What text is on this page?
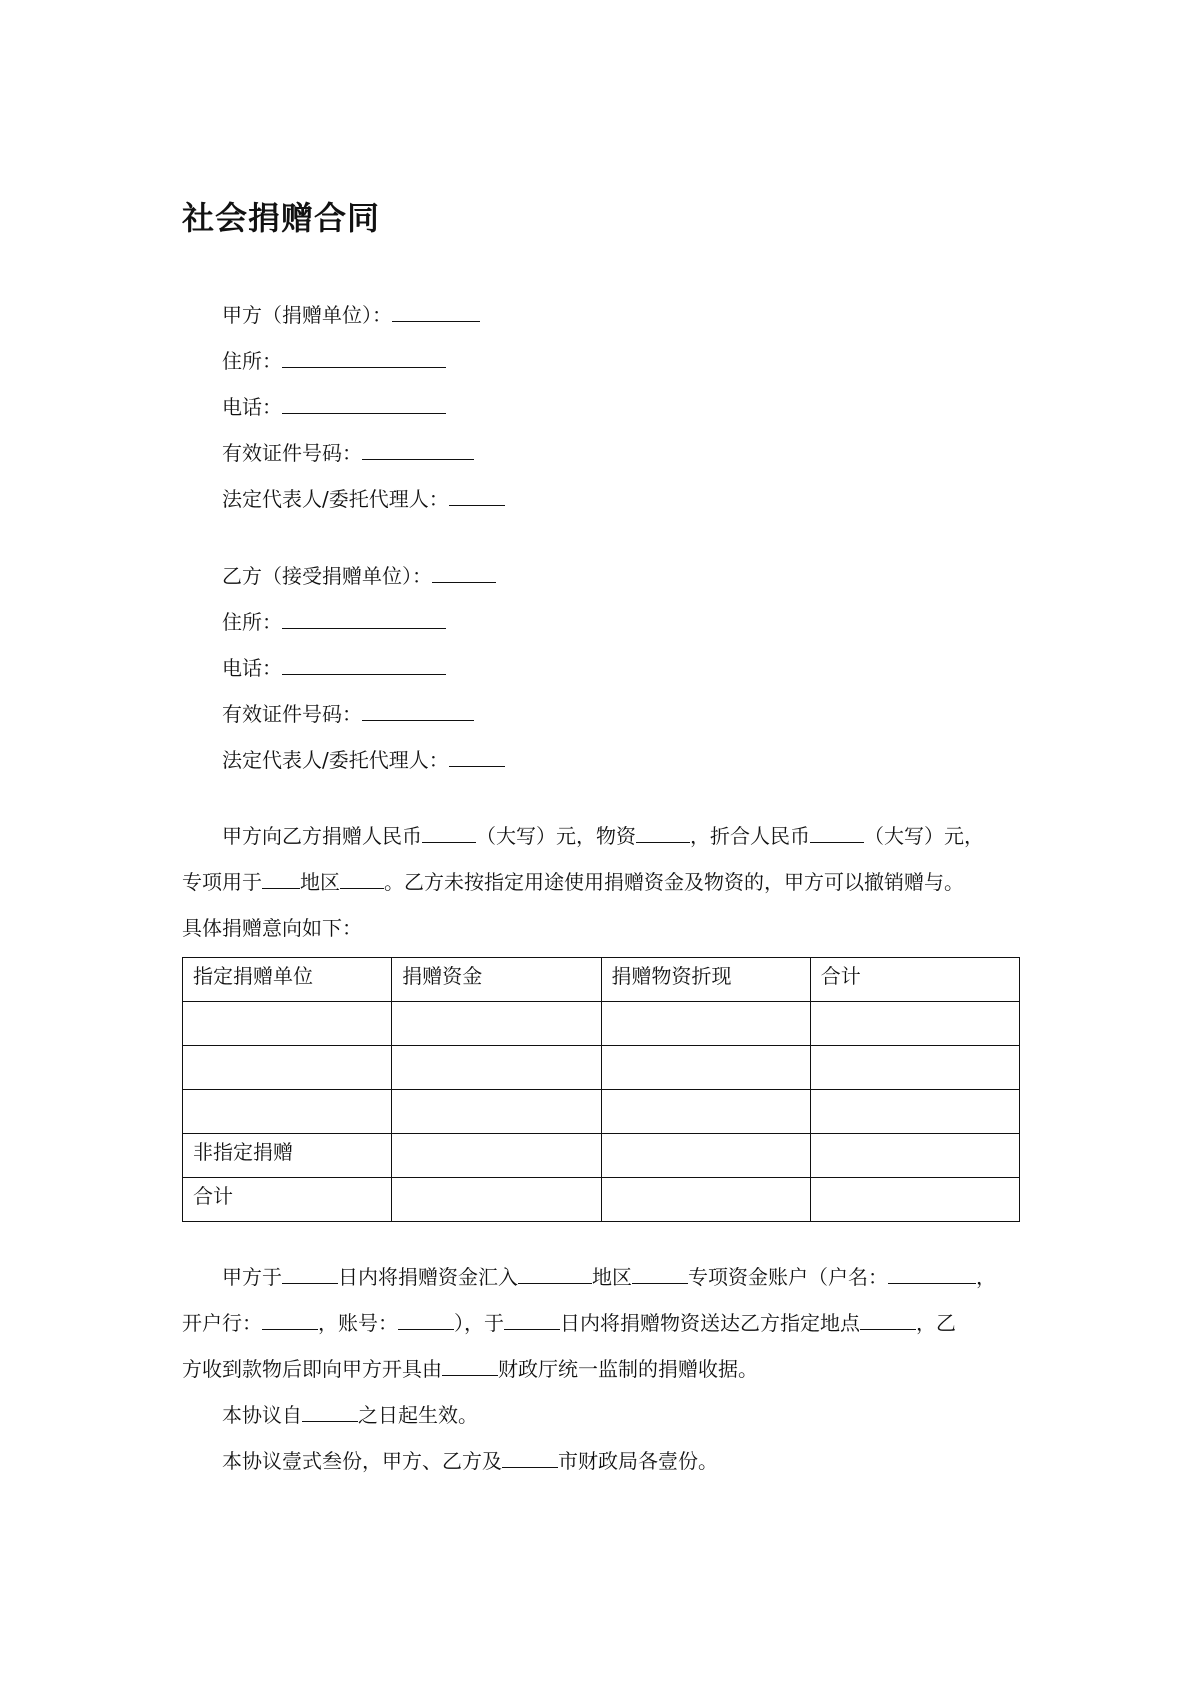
社会捐赠合同
甲方（捐赠单位）：
住所：
电话：
有效证件号码：
法定代表人/委托代理人：
乙方（接受捐赠单位）：
住所：
电话：
有效证件号码：
法定代表人/委托代理人：
甲方向乙方捐赠人民币	（大写）元，物资	，折合人民币	（大写）元，
专项用于 地区 。乙方未按指定用途使用捐赠资金及物资的，甲方可以撤销赠与。
具体捐赠意向如下：
指定捐赠单位	捐赠资金	捐赠物资折现	合计

非指定捐赠			
合计			
甲方于	日内将捐赠资金汇入	地区	专项资金账户（户名：	，
开户行：	，账号：	），于	日内将捐赠物资送达乙方指定地点	，乙
方收到款物后即向甲方开具由	财政厅统一监制的捐赠收据。
本协议自	之日起生效。
本协议壹式叁份，甲方、乙方及	市财政局各壹份。
